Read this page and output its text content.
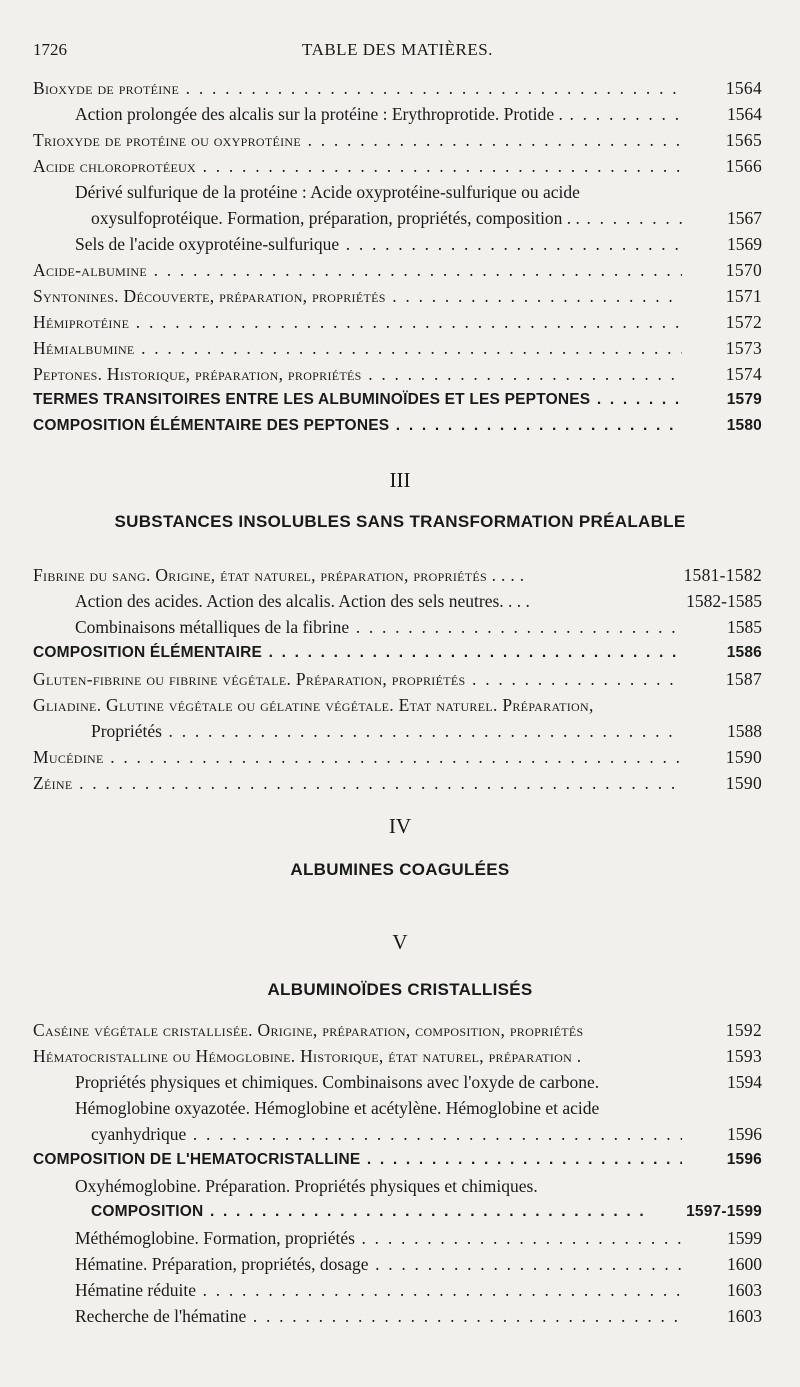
1726	TABLE DES MATIÈRES.
Bioxyde de protéine . . .	1564
Action prolongée des alcalis sur la protéine : Erythroprotide. Protide . . . .	1564
Trioxyde de protéine ou oxyprotéine . . .	1565
Acide chloroprotéeux . . .	1566
Dérivé sulfurique de la protéine : Acide oxyprotéine-sulfurique ou acide
oxysulfoprotéique. Formation, préparation, propriétés, composition . . . . .	1567
Sels de l'acide oxyprotéine-sulfurique . . .	1569
Acide-albumine . . .	1570
Syntonines. Découverte, préparation, propriétés . . .	1571
Hémiprotéine . . .	1572
Hémialbumine . . .	1573
Peptones. Historique, préparation, propriétés . . .	1574
TERMES TRANSITOIRES ENTRE LES ALBUMINOÏDES ET LES PEPTONES . . .	1579
COMPOSITION ÉLÉMENTAIRE DES PEPTONES . . .	1580
III
SUBSTANCES INSOLUBLES SANS TRANSFORMATION PRÉALABLE
Fibrine du sang. Origine, état naturel, préparation, propriétés . . . .	1581-1582
Action des acides. Action des alcalis. Action des sels neutres. . . .	1582-1585
Combinaisons métalliques de la fibrine . . .	1585
COMPOSITION ÉLÉMENTAIRE . . .	1586
Gluten-fibrine ou fibrine végétale. Préparation, propriétés . . .	1587
Gliadine. Glutine végétale ou gélatine végétale. Etat naturel. Préparation,
Propriétés . . .	1588
Mucédine . . .	1590
Zéine . . .	1590
IV
ALBUMINES COAGULÉES
V
ALBUMINOÏDES CRISTALLISÉS
Caséine végétale cristallisée. Origine, préparation, composition, propriétés	1592
Hématocristalline ou Hémoglobine. Historique, état naturel, préparation .	1593
Propriétés physiques et chimiques. Combinaisons avec l'oxyde de carbone.	1594
Hémoglobine oxyazotée. Hémoglobine et acétylène. Hémoglobine et acide
cyanhydrique . . .	1596
COMPOSITION DE L'HEMATOCRISTALLINE . . .	1596
Oxyhémoglobine. Préparation. Propriétés physiques et chimiques.
COMPOSITION . . .	1597-1599
Méthémoglobine. Formation, propriétés . . .	1599
Hématine. Préparation, propriétés, dosage . . .	1600
Hématine réduite . . .	1603
Recherche de l'hématine . . .	1603
